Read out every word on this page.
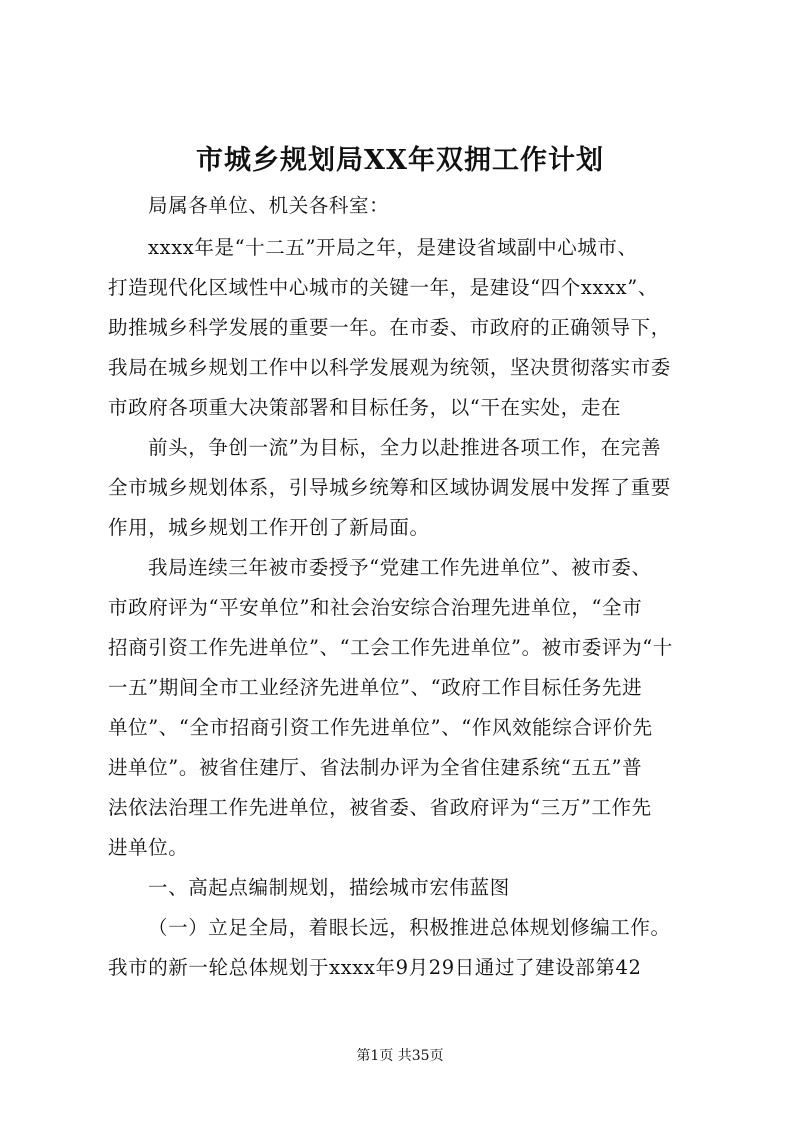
市城乡规划局XX年双拥工作计划
局属各单位、机关各科室：
xxxx年是“十二五”开局之年，是建设省域副中心城市、
打造现代化区域性中心城市的关键一年，是建设“四个xxxx”、
助推城乡科学发展的重要一年。在市委、市政府的正确领导下，
我局在城乡规划工作中以科学发展观为统领，坚决贯彻落实市委
市政府各项重大决策部署和目标任务，以“干在实处，走在
前头，争创一流”为目标，全力以赴推进各项工作，在完善
全市城乡规划体系，引导城乡统筹和区域协调发展中发挥了重要
作用，城乡规划工作开创了新局面。
我局连续三年被市委授予“党建工作先进单位”、被市委、
市政府评为“平安单位”和社会治安综合治理先进单位，“全市
招商引资工作先进单位”、“工会工作先进单位”。被市委评为“十
一五”期间全市工业经济先进单位”、“政府工作目标任务先进
单位”、“全市招商引资工作先进单位”、“作风效能综合评价先
进单位”。被省住建厅、省法制办评为全省住建系统“五五”普
法依法治理工作先进单位，被省委、省政府评为“三万”工作先
进单位。
一、高起点编制规划，描绘城市宏伟蓝图
（一）立足全局，着眼长远，积极推进总体规划修编工作。
我市的新一轮总体规划于xxxx年9月29日通过了建设部第42
第1页 共35页
